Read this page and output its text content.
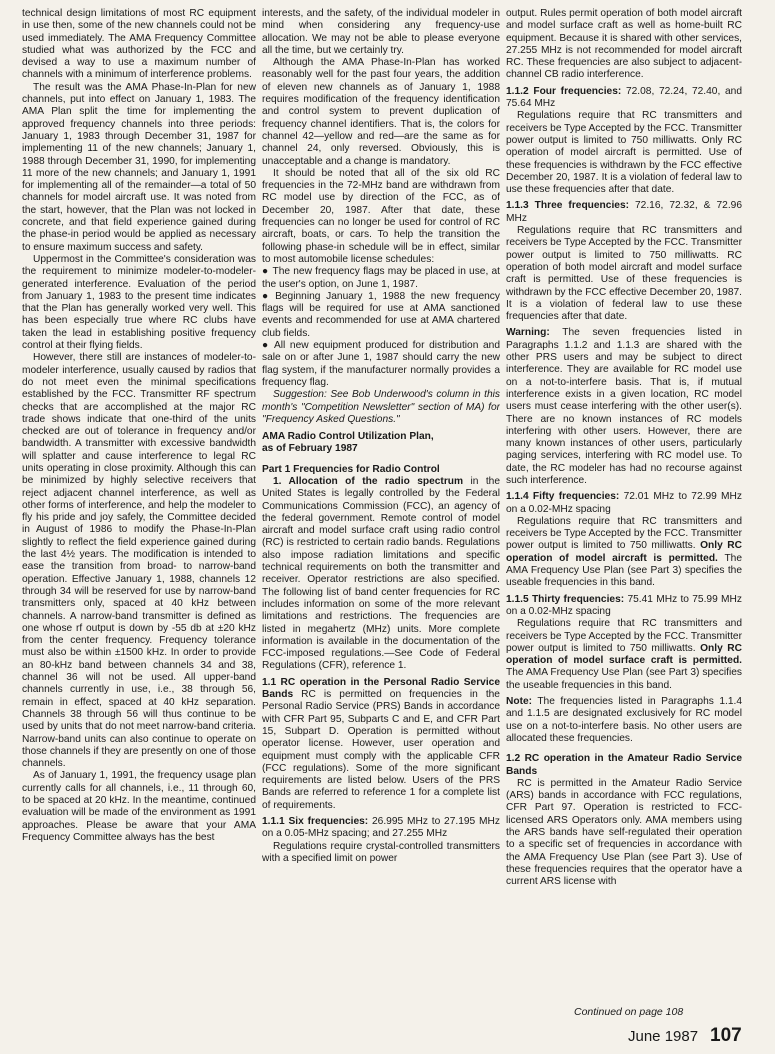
technical design limitations of most RC equipment in use then, some of the new channels could not be used immediately. The AMA Frequency Committee studied what was authorized by the FCC and devised a way to use a maximum number of channels with a minimum of interference problems.

The result was the AMA Phase-In-Plan for new channels, put into effect on January 1, 1983. The AMA Plan split the time for implementing the approved frequency channels into three periods: January 1, 1983 through December 31, 1987 for implementing 11 of the new channels; January 1, 1988 through December 31, 1990, for implementing 11 more of the new channels; and January 1, 1991 for implementing all of the remainder—a total of 50 channels for model aircraft use. It was noted from the start, however, that the Plan was not locked in concrete, and that field experience gained during the phase-in period would be applied as necessary to ensure maximum success and safety.

Uppermost in the Committee's consideration was the requirement to minimize modeler-to-modeler-generated interference. Evaluation of the period from January 1, 1983 to the present time indicates that the Plan has generally worked very well. This has been especially true where RC clubs have taken the lead in establishing positive frequency control at their flying fields.

However, there still are instances of modeler-to-modeler interference, usually caused by radios that do not meet even the minimal specifications established by the FCC. Transmitter RF spectrum checks that are accomplished at the major RC trade shows indicate that one-third of the units checked are out of tolerance in frequency and/or bandwidth. A transmitter with excessive bandwidth will splatter and cause interference to legal RC units operating in close proximity. Although this can be minimized by highly selective receivers that reject adjacent channel interference, as well as other forms of interference, and help the modeler to fly his pride and joy safely, the Committee decided in August of 1986 to modify the Phase-In-Plan slightly to reflect the field experience gained during the last 4½ years. The modification is intended to ease the transition from broad- to narrow-band operation. Effective January 1, 1988, channels 12 through 34 will be reserved for use by narrow-band transmitters only, spaced at 40 kHz between channels. A narrow-band transmitter is defined as one whose rf output is down by -55 db at ±20 kHz from the center frequency. Frequency tolerance must also be within ±1500 kHz. In order to provide an 80-kHz band between channels 34 and 38, channel 36 will not be used. All upper-band channels currently in use, i.e., 38 through 56, remain in effect, spaced at 40 kHz separation. Channels 38 through 56 will thus continue to be used by units that do not meet narrow-band criteria. Narrow-band units can also continue to operate on those channels if they are presently on one of those channels.

As of January 1, 1991, the frequency usage plan currently calls for all channels, i.e., 11 through 60, to be spaced at 20 kHz. In the meantime, continued evaluation will be made of the environment as 1991 approaches. Please be aware that your AMA Frequency Committee always has the best

interests, and the safety, of the individual modeler in mind when considering any frequency-use allocation. We may not be able to please everyone all the time, but we certainly try.

Although the AMA Phase-In-Plan has worked reasonably well for the past four years, the addition of eleven new channels as of January 1, 1988 requires modification of the frequency identification and control system to prevent duplication of frequency channel identifiers. That is, the colors for channel 42—yellow and red—are the same as for channel 24, only reversed. Obviously, this is unacceptable and a change is mandatory.

It should be noted that all of the six old RC frequencies in the 72-MHz band are withdrawn from RC model use by direction of the FCC, as of December 20, 1987. After that date, these frequencies can no longer be used for control of RC aircraft, boats, or cars. To help the transition the following phase-in schedule will be in effect, similar to most automobile license schedules:

● The new frequency flags may be placed in use, at the user's option, on June 1, 1987.

● Beginning January 1, 1988 the new frequency flags will be required for use at AMA sanctioned events and recommended for use at AMA chartered club fields.

● All new equipment produced for distribution and sale on or after June 1, 1987 should carry the new flag system, if the manufacturer normally provides a frequency flag.

Suggestion: See Bob Underwood's column in this month's "Competition Newsletter" section of MA) for "Frequency Asked Questions."

AMA Radio Control Utilization Plan,

as of February 1987

Part 1 Frequencies for Radio Control

1. Allocation of the radio spectrum in the United States is legally controlled by the Federal Communications Commission (FCC), an agency of the federal government. Remote control of model aircraft and model surface craft using radio control (RC) is restricted to certain radio bands. Regulations also impose radiation limitations and specific technical requirements on both the transmitter and receiver. Operator restrictions are also specified. The following list of band center frequencies for RC includes information on some of the more relevant limitations and restrictions. The frequencies are listed in megahertz (MHz) units. More complete information is available in the documentation of the FCC-imposed regulations.—See Code of Federal Regulations (CFR), reference 1.

1.1 RC operation in the Personal Radio Service Bands RC is permitted on frequencies in the Personal Radio Service (PRS) Bands in accordance with CFR Part 95, Subparts C and E, and CFR Part 15, Subpart D. Operation is permitted without operator license. However, user operation and equipment must comply with the applicable CFR (FCC regulations). Some of the more significant requirements are listed below. Users of the PRS Bands are referred to reference 1 for a complete list of requirements.

1.1.1 Six frequencies: 26.995 MHz to 27.195 MHz on a 0.05-MHz spacing; and 27.255 MHz

Regulations require crystal-controlled transmitters with a specified limit on power

output. Rules permit operation of both model aircraft and model surface craft as well as home-built RC equipment. Because it is shared with other services, 27.255 MHz is not recommended for model aircraft RC. These frequencies are also subject to adjacent-channel CB radio interference.

1.1.2 Four frequencies: 72.08, 72.24, 72.40, and 75.64 MHz

Regulations require that RC transmitters and receivers be Type Accepted by the FCC. Transmitter power output is limited to 750 milliwatts. Only RC operation of model aircraft is permitted. Use of these frequencies is withdrawn by the FCC effective December 20, 1987. It is a violation of federal law to use these frequencies after that date.

1.1.3 Three frequencies: 72.16, 72.32, & 72.96 MHz

Regulations require that RC transmitters and receivers be Type Accepted by the FCC. Transmitter power output is limited to 750 milliwatts. RC operation of both model aircraft and model surface craft is permitted. Use of these frequencies is withdrawn by the FCC effective December 20, 1987. It is a violation of federal law to use these frequencies after that date.

Warning: The seven frequencies listed in Paragraphs 1.1.2 and 1.1.3 are shared with the other PRS users and may be subject to direct interference. They are available for RC model use on a not-to-interfere basis. That is, if mutual interference exists in a given location, RC model users must cease interfering with the other user(s). There are no known instances of RC models interfering with other users. However, there are many known instances of other users, particularly paging services, interfering with RC model use. To date, the RC modeler has had no recourse against such interference.

1.1.4 Fifty frequencies: 72.01 MHz to 72.99 MHz on a 0.02-MHz spacing

Regulations require that RC transmitters and receivers be Type Accepted by the FCC. Transmitter power output is limited to 750 milliwatts. Only RC operation of model aircraft is permitted. The AMA Frequency Use Plan (see Part 3) specifies the useable frequencies in this band.

1.1.5 Thirty frequencies: 75.41 MHz to 75.99 MHz on a 0.02-MHz spacing

Regulations require that RC transmitters and receivers be Type Accepted by the FCC. Transmitter power output is limited to 750 milliwatts. Only RC operation of model surface craft is permitted. The AMA Frequency Use Plan (see Part 3) specifies the useable frequencies in this band.

Note: The frequencies listed in Paragraphs 1.1.4 and 1.1.5 are designated exclusively for RC model use on a not-to-interfere basis. No other users are allocated these frequencies.

1.2 RC operation in the Amateur Radio Service Bands

RC is permitted in the Amateur Radio Service (ARS) bands in accordance with FCC regulations, CFR Part 97. Operation is restricted to FCC-licensed ARS Operators only. AMA members using the ARS bands have self-regulated their operation to a specific set of frequencies in accordance with the AMA Frequency Use Plan (see Part 3). Use of these frequencies requires that the operator have a current ARS license with

Continued on page 108
June 1987 107
